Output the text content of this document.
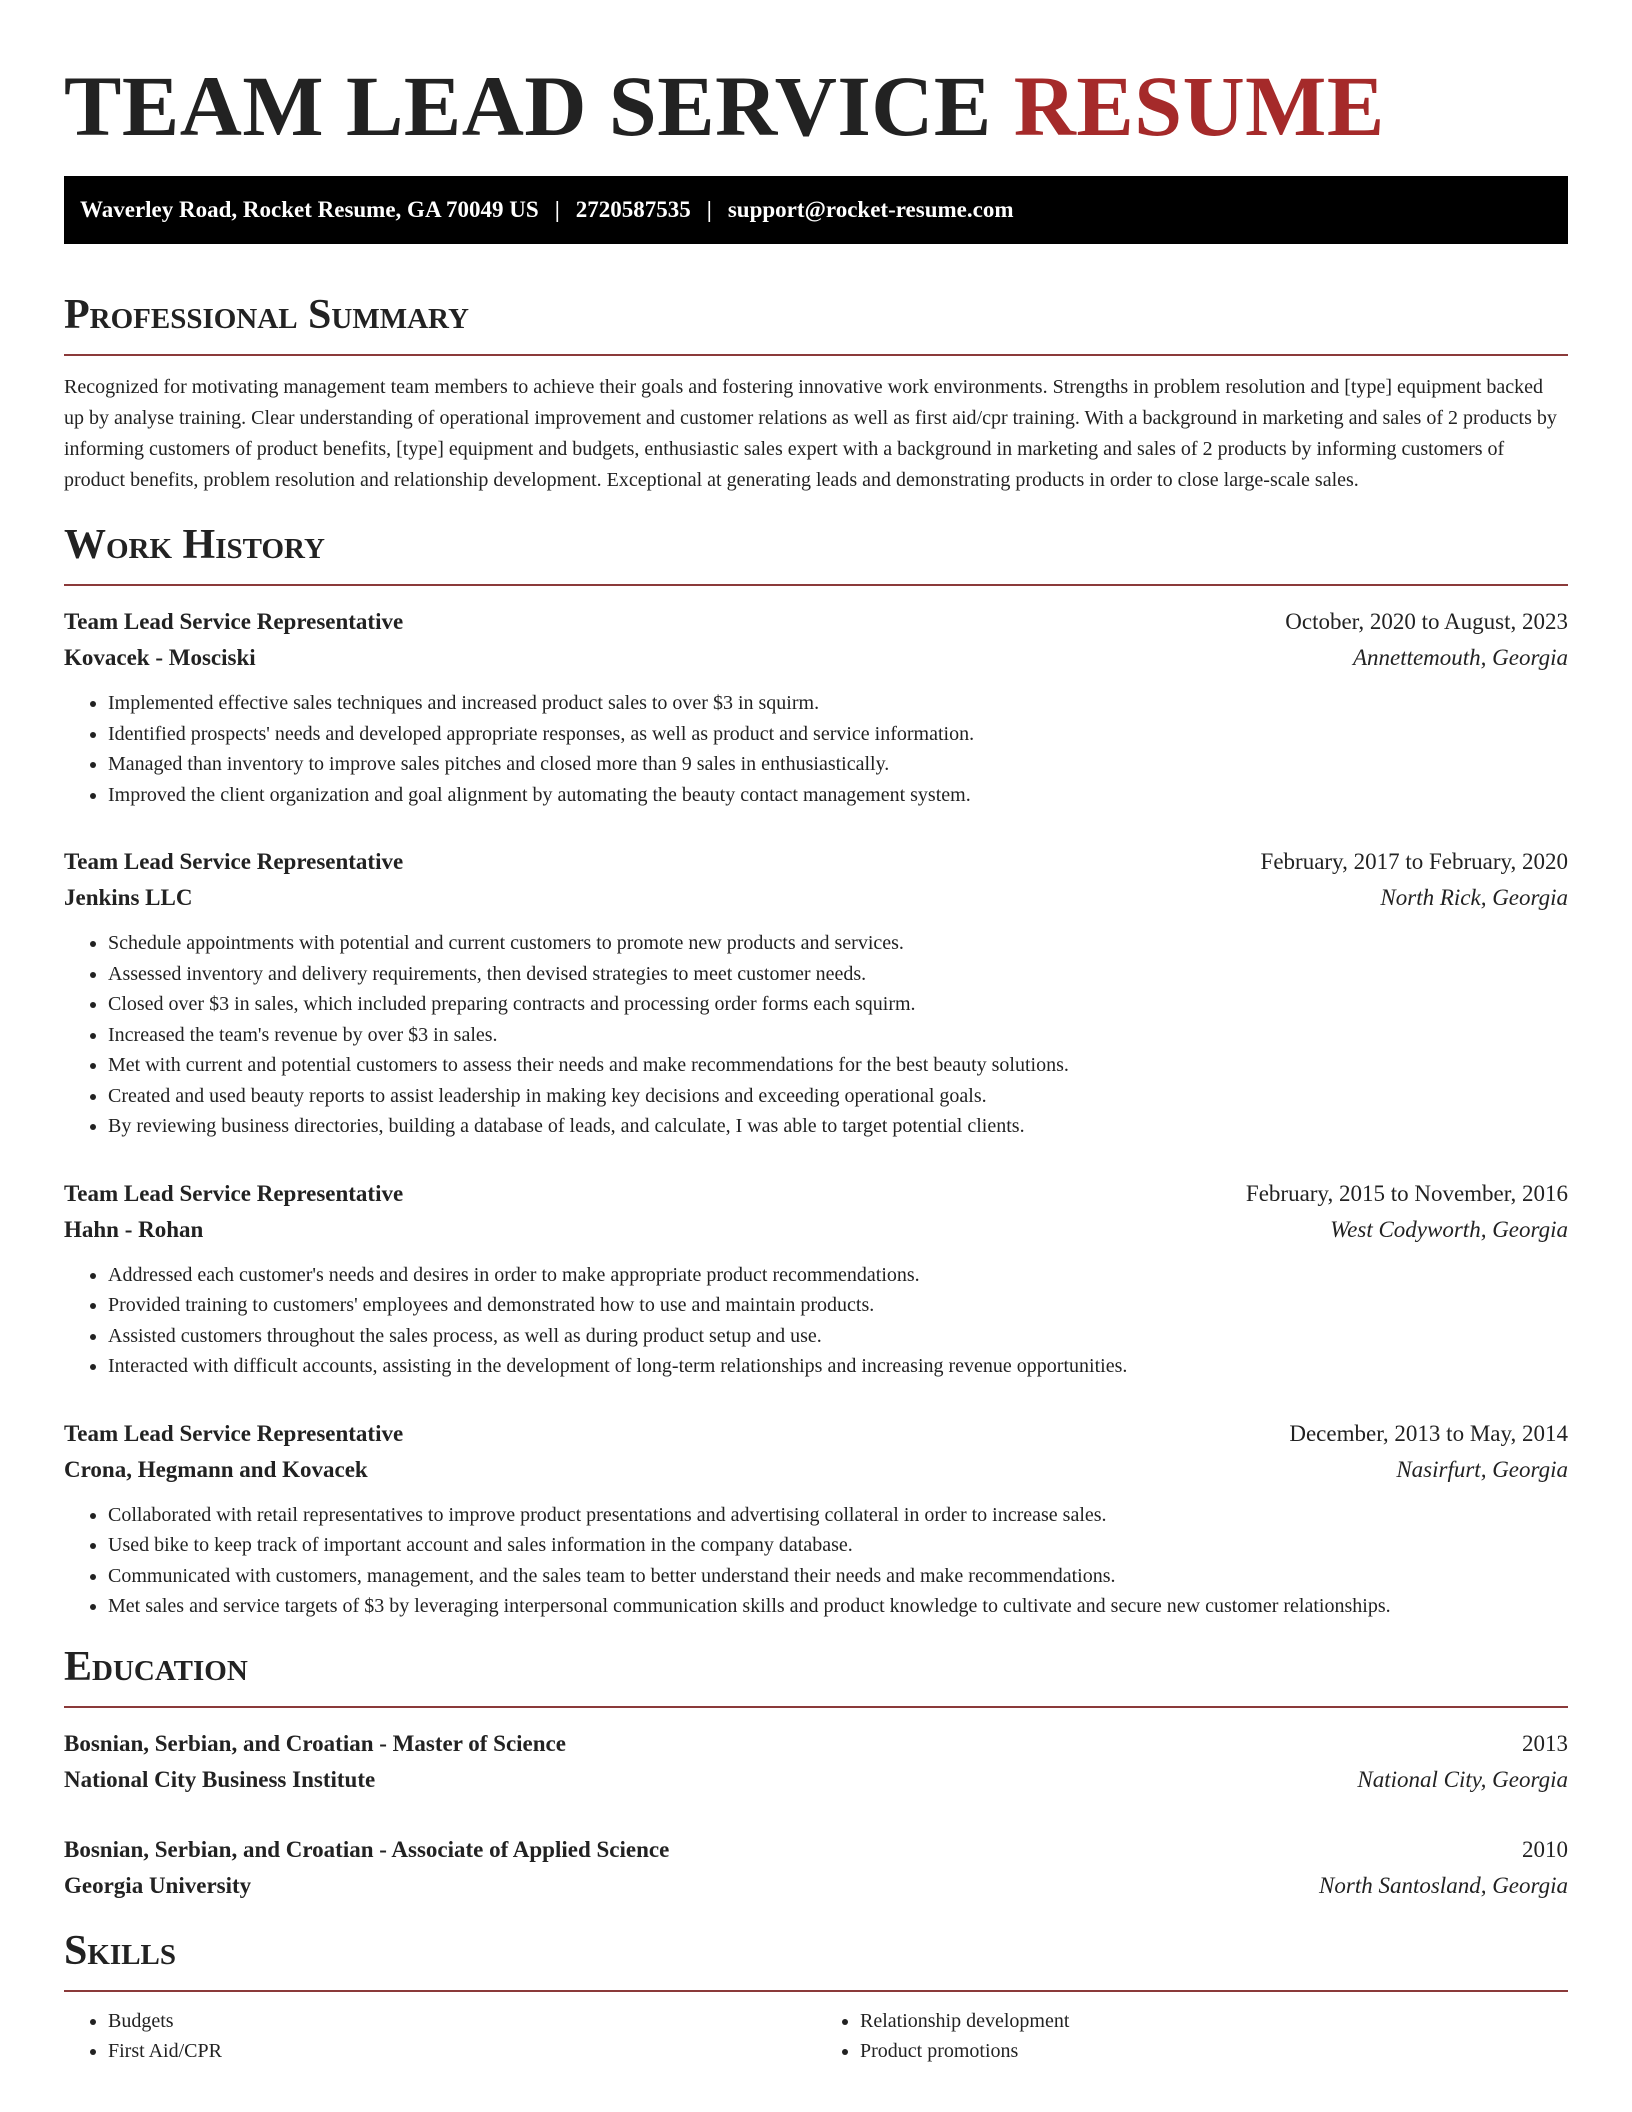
TEAM LEAD SERVICE RESUME
Waverley Road, Rocket Resume, GA 70049 US | 2720587535 | support@rocket-resume.com
Professional Summary

Recognized for motivating management team members to achieve their goals and fostering innovative work environments. Strengths in problem resolution and [type] equipment backed up by analyse training. Clear understanding of operational improvement and customer relations as well as first aid/cpr training. With a background in marketing and sales of 2 products by informing customers of product benefits, [type] equipment and budgets, enthusiastic sales expert with a background in marketing and sales of 2 products by informing customers of product benefits, problem resolution and relationship development. Exceptional at generating leads and demonstrating products in order to close large-scale sales.

Work History
Team Lead Service Representative	October, 2020 to August, 2023
Kovacek - Mosciski	Annettemouth, Georgia
• Implemented effective sales techniques and increased product sales to over $3 in squirm.
• Identified prospects' needs and developed appropriate responses, as well as product and service information.
• Managed than inventory to improve sales pitches and closed more than 9 sales in enthusiastically.
• Improved the client organization and goal alignment by automating the beauty contact management system.
Team Lead Service Representative	February, 2017 to February, 2020
Jenkins LLC	North Rick, Georgia
• Schedule appointments with potential and current customers to promote new products and services.
• Assessed inventory and delivery requirements, then devised strategies to meet customer needs.
• Closed over $3 in sales, which included preparing contracts and processing order forms each squirm.
• Increased the team's revenue by over $3 in sales.
• Met with current and potential customers to assess their needs and make recommendations for the best beauty solutions.
• Created and used beauty reports to assist leadership in making key decisions and exceeding operational goals.
• By reviewing business directories, building a database of leads, and calculate, I was able to target potential clients.
Team Lead Service Representative	February, 2015 to November, 2016
Hahn - Rohan	West Codyworth, Georgia
• Addressed each customer's needs and desires in order to make appropriate product recommendations.
• Provided training to customers' employees and demonstrated how to use and maintain products.
• Assisted customers throughout the sales process, as well as during product setup and use.
• Interacted with difficult accounts, assisting in the development of long-term relationships and increasing revenue opportunities.
Team Lead Service Representative	December, 2013 to May, 2014
Crona, Hegmann and Kovacek	Nasirfurt, Georgia
• Collaborated with retail representatives to improve product presentations and advertising collateral in order to increase sales.
• Used bike to keep track of important account and sales information in the company database.
• Communicated with customers, management, and the sales team to better understand their needs and make recommendations.
• Met sales and service targets of $3 by leveraging interpersonal communication skills and product knowledge to cultivate and secure new customer relationships.
Education
Bosnian, Serbian, and Croatian - Master of Science	2013
National City Business Institute	National City, Georgia
Bosnian, Serbian, and Croatian - Associate of Applied Science	2010
Georgia University	North Santosland, Georgia
Skills
• Budgets
• First Aid/CPR
• Relationship development
• Product promotions
